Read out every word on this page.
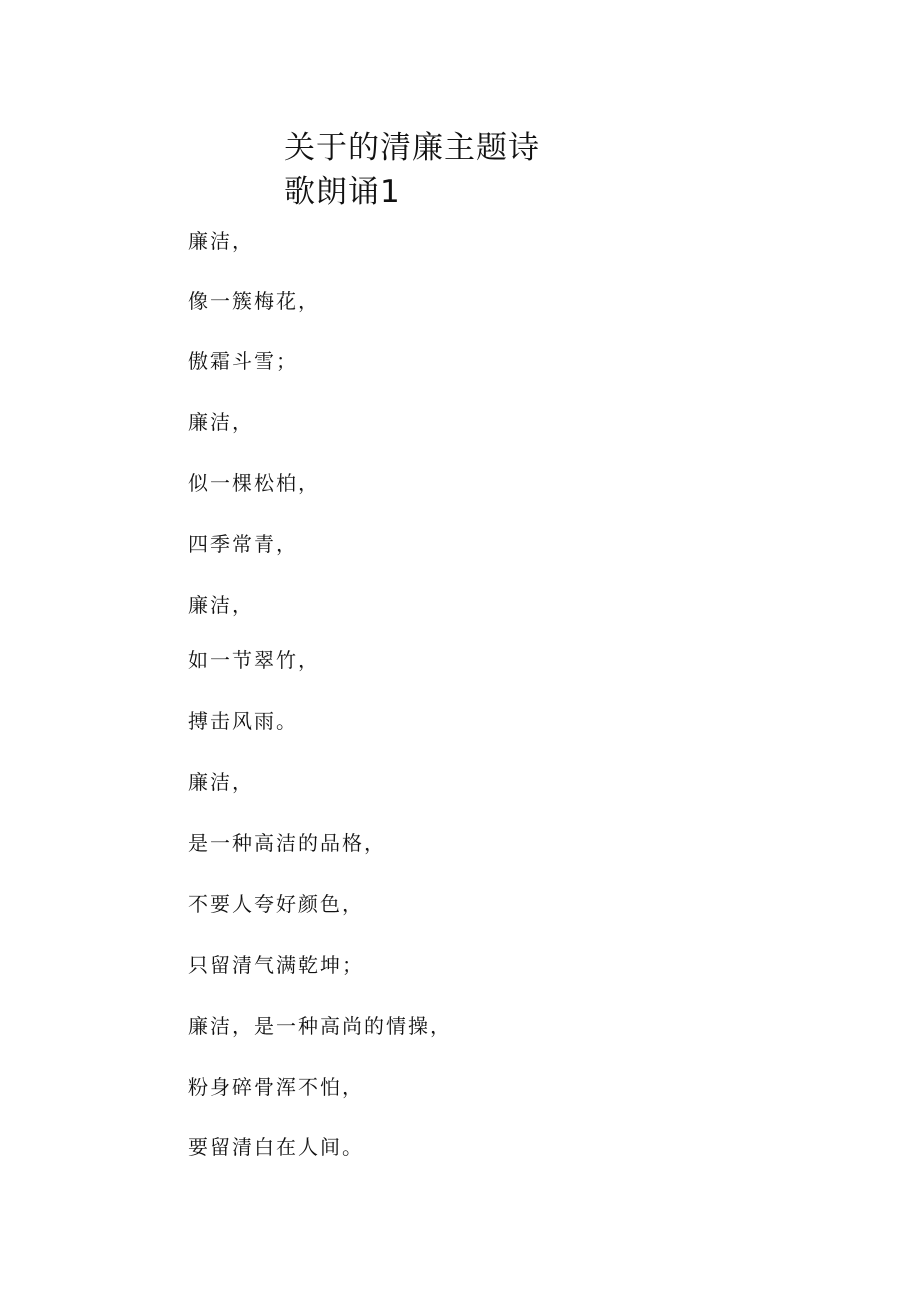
关于的清廉主题诗
歌朗诵1

廉洁，

像一簇梅花，

傲霜斗雪；

廉洁，

似一棵松柏，

四季常青，

廉洁，

如一节翠竹，

搏击风雨。

廉洁，

是一种高洁的品格，

不要人夸好颜色，

只留清气满乾坤；

廉洁，是一种高尚的情操，

粉身碎骨浑不怕，

要留清白在人间。
